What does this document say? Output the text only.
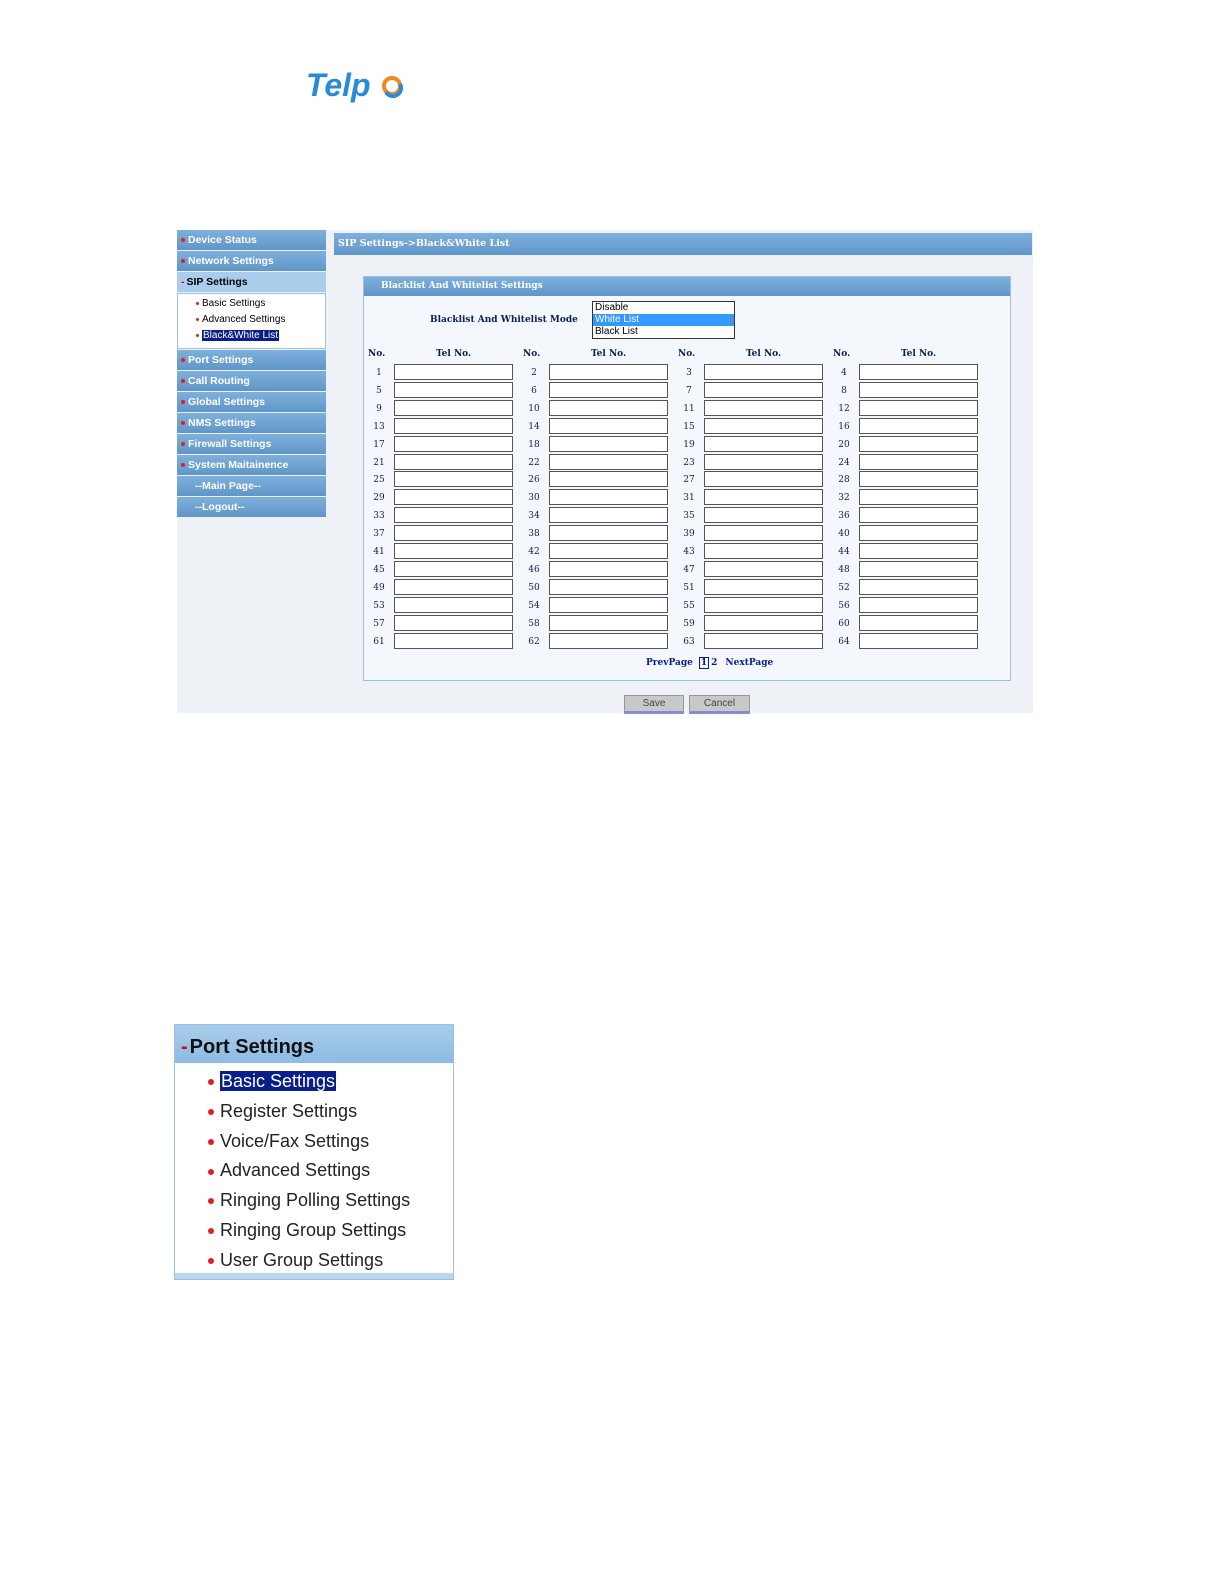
Telp
Device Status
Network Settings
- SIP Settings
Basic Settings
Advanced Settings
Black&White List
Port Settings
Call Routing
Global Settings
NMS Settings
Firewall Settings
System Maitainence
--Main Page--
--Logout--
SIP Settings->Black&White List
Blacklist And Whitelist Settings
Blacklist And Whitelist Mode
Disable
White List
Black List
No.	Tel No.	No.	Tel No.	No.	Tel No.	No.	Tel No.
1	2	3	4
5	6	7	8
9	10	11	12
13	14	15	16
17	18	19	20
21	22	23	24
25	26	27	28
29	30	31	32
33	34	35	36
37	38	39	40
41	42	43	44
45	46	47	48
49	50	51	52
53	54	55	56
57	58	59	60
61	62	63	64
PrevPage 1 2 NextPage
Save	Cancel
- Port Settings
Basic Settings
Register Settings
Voice/Fax Settings
Advanced Settings
Ringing Polling Settings
Ringing Group Settings
User Group Settings
